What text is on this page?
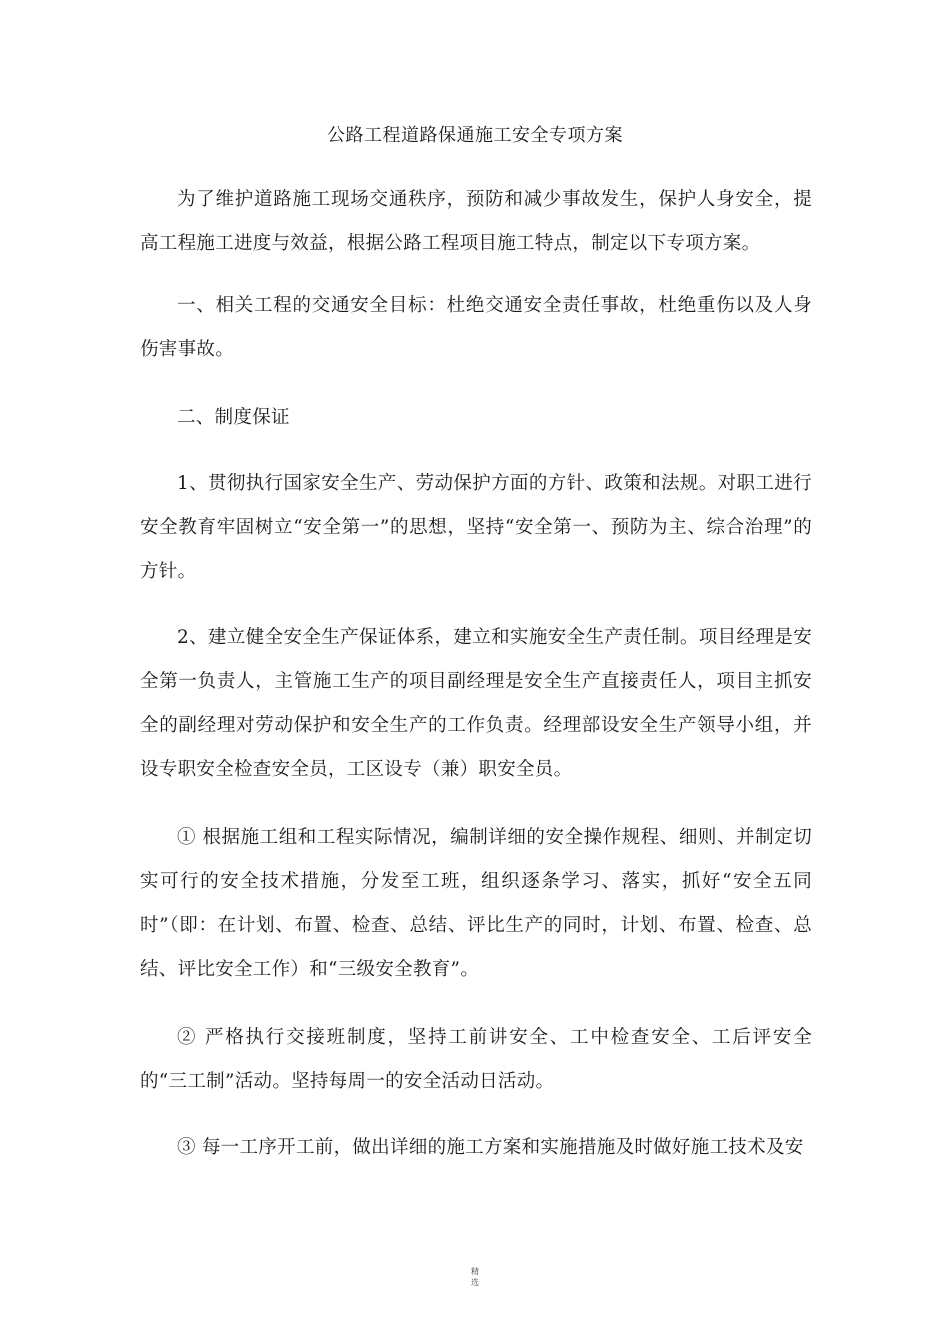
公路工程道路保通施工安全专项方案

为了维护道路施工现场交通秩序，预防和减少事故发生，保护人身安全，提高工程施工进度与效益，根据公路工程项目施工特点，制定以下专项方案。

一、相关工程的交通安全目标：杜绝交通安全责任事故，杜绝重伤以及人身伤害事故。

二、制度保证

1、贯彻执行国家安全生产、劳动保护方面的方针、政策和法规。对职工进行安全教育牢固树立“安全第一”的思想，坚持“安全第一、预防为主、综合治理”的方针。

2、建立健全安全生产保证体系，建立和实施安全生产责任制。项目经理是安全第一负责人，主管施工生产的项目副经理是安全生产直接责任人，项目主抓安全的副经理对劳动保护和安全生产的工作负责。经理部设安全生产领导小组，并设专职安全检查安全员，工区设专（兼）职安全员。

① 根据施工组和工程实际情况，编制详细的安全操作规程、细则、并制定切实可行的安全技术措施，分发至工班，组织逐条学习、落实，抓好“安全五同时”（即：在计划、布置、检查、总结、评比生产的同时，计划、布置、检查、总结、评比安全工作）和“三级安全教育”。

② 严格执行交接班制度，坚持工前讲安全、工中检查安全、工后评安全的“三工制”活动。坚持每周一的安全活动日活动。

③ 每一工序开工前，做出详细的施工方案和实施措施及时做好施工技术及安

精
选
